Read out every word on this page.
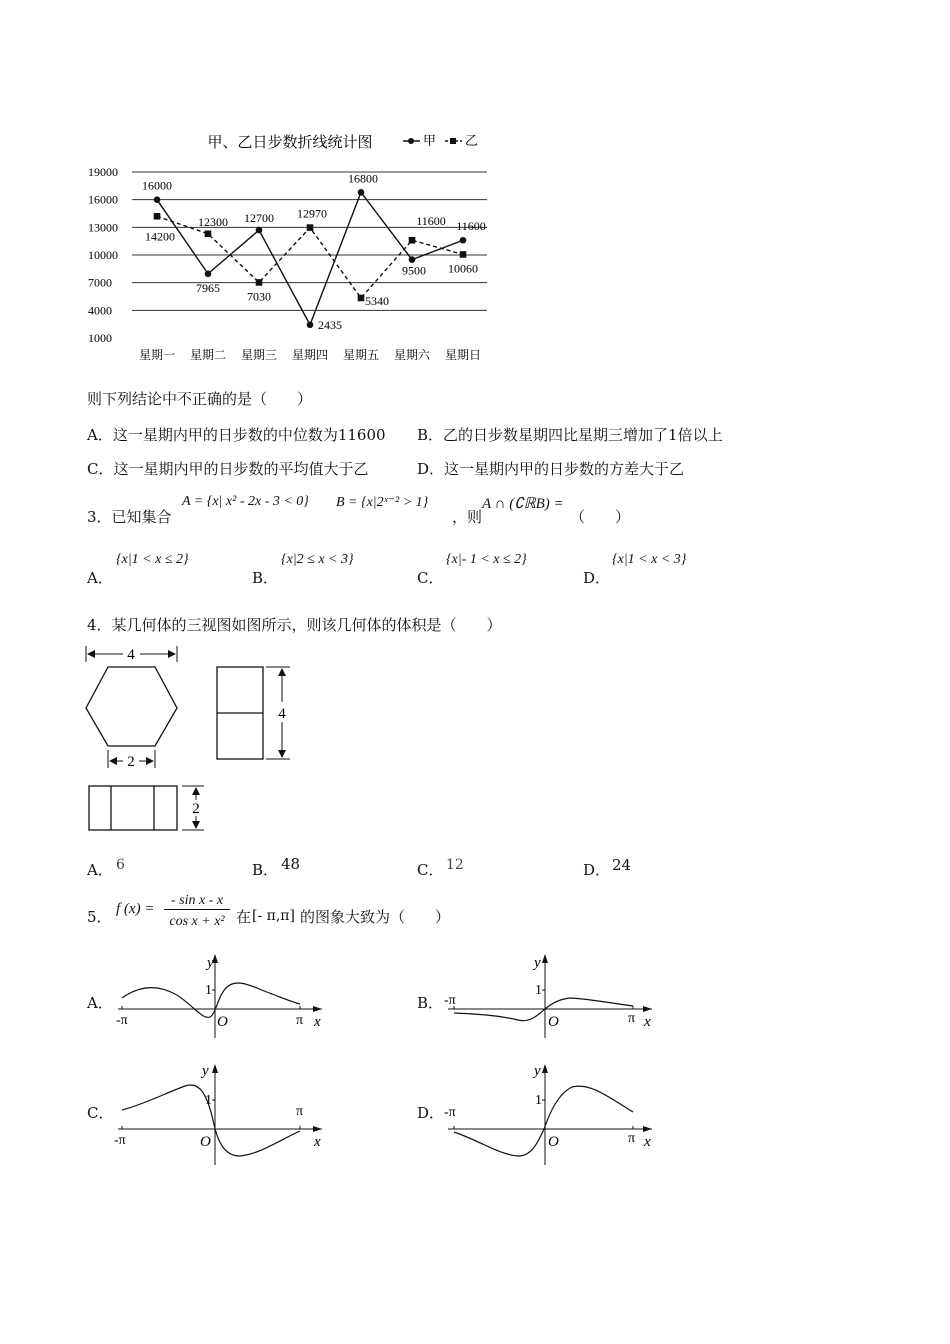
甲、乙日步数折线统计图	甲 乙
1000
4000
7000
10000
13000
16000
19000
星期一 星期二 星期三 星期四 星期五 星期六 星期日
16000
7965
12700
2435
16800
9500
11600
14200
12300
7030
12970
5340
11600
10060
则下列结论中不正确的是（　　）
A．这一星期内甲的日步数的中位数为11600 B．乙的日步数星期四比星期三增加了1倍以上
C．这一星期内甲的日步数的平均值大于乙	D．这一星期内甲的日步数的方差大于乙
3．已知集合
A = {x| x² - 2x - 3 < 0} B = {x|2ˣ⁻² > 1}
，则
A ∩ (∁ℝB) =
（　　）
A．
{x|1 < x ≤ 2}
B．
{x|2 ≤ x < 3}
C．
{x|- 1 < x ≤ 2}
D．
{x|1 < x < 3}
4．某几何体的三视图如图所示，则该几何体的体积是（　　）
4
2
4
2
A． 6	B． 48	C． 12	D． 24
5． f (x) =
- sin x - x
cos x + x² 在 [- π,π] 的图象大致为（　　）
A．	B．
C．	D．
y
x
O
1
π
-π
y
x
O
1
π
-π
y
x
O
1
π
-π
y
x
O
1
π
-π
